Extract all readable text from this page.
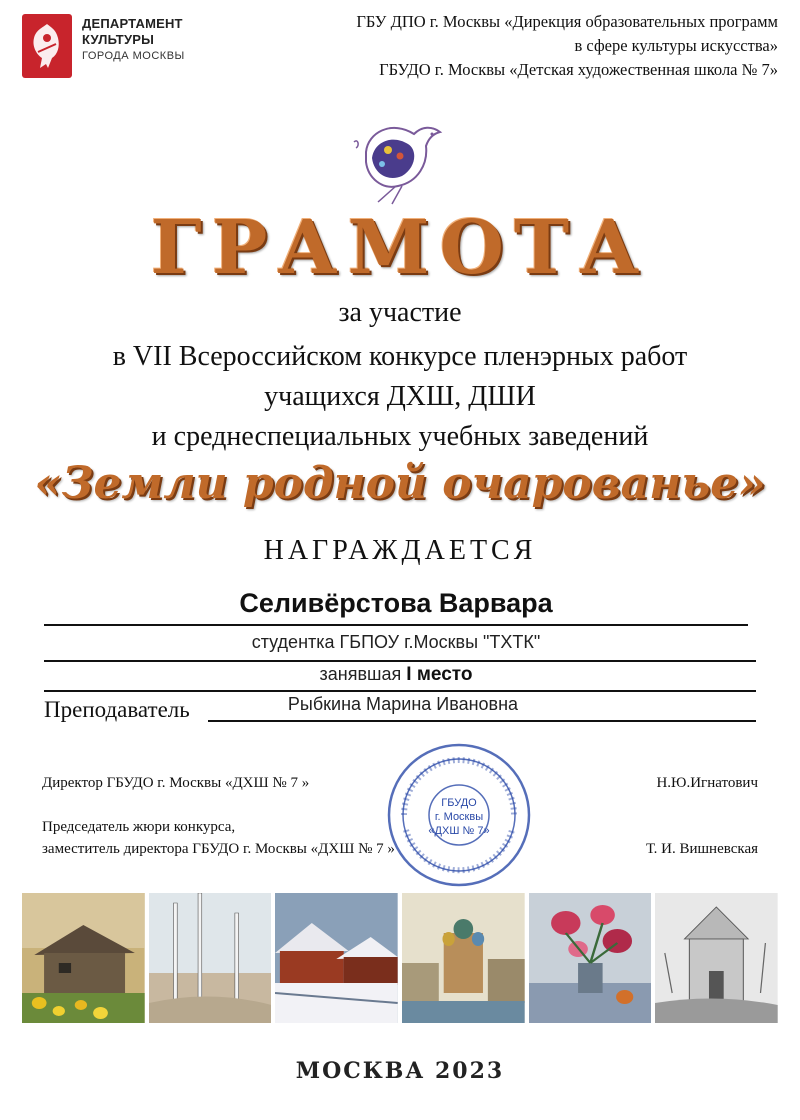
ДЕПАРТАМЕНТ
КУЛЬТУРЫ
ГОРОДА МОСКВЫ
ГБУ ДПО г. Москвы «Дирекция образовательных программ
в сфере культуры искусства»
ГБУДО г. Москвы «Детская художественная школа № 7»
ГРАМОТА
за участие
в VII Всероссийском конкурсе пленэрных работ
учащихся ДХШ, ДШИ
и среднеспециальных учебных заведений
«Земли родной очарованье»
НАГРАЖДАЕТСЯ
Селивёрстова Варвара
студентка ГБПОУ г.Москвы "ТХТК"
занявшая I место
Преподаватель	Рыбкина Марина Ивановна
ГБУДО
г. Москвы
«ДХШ № 7»
Директор ГБУДО г. Москвы «ДХШ № 7 »	Н.Ю.Игнатович
Председатель жюри конкурса,
заместитель директора ГБУДО г. Москвы «ДХШ № 7 »	Т. И. Вишневская
МОСКВА 2023
